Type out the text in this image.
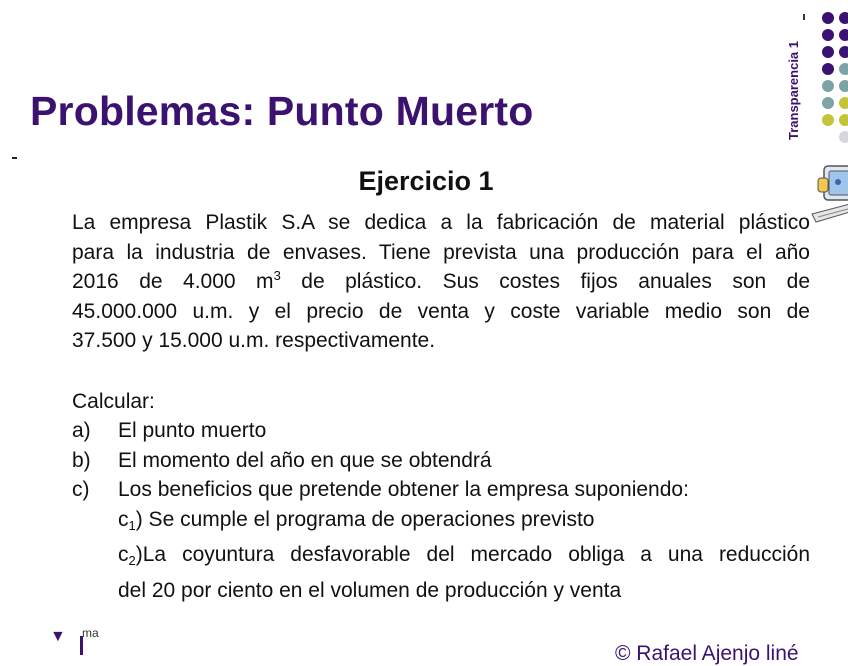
Problemas: Punto Muerto	Transparencia 1
Ejercicio 1
La empresa Plastik S.A se dedica a la fabricación de material plástico
para la industria de envases. Tiene prevista una producción para el año
2016 de 4.000 $m^3$ de plástico. Sus costes fijos anuales son de
45.000.000 u.m. y el precio de venta y coste variable medio son de
37.500 y 15.000 u.m. respectivamente.
Calcular:
a)	El punto muerto
b)	El momento del año en que se obtendrá
c)	Los beneficios que pretende obtener la empresa suponiendo:
$c_1$) Se cumple el programa de operaciones previsto
$c_2)La$ coyuntura desfavorable del mercado obliga a una reducción
del 20 por ciento en el volumen de producción y venta
▼ ma
© Rafael Ajenjo liné
